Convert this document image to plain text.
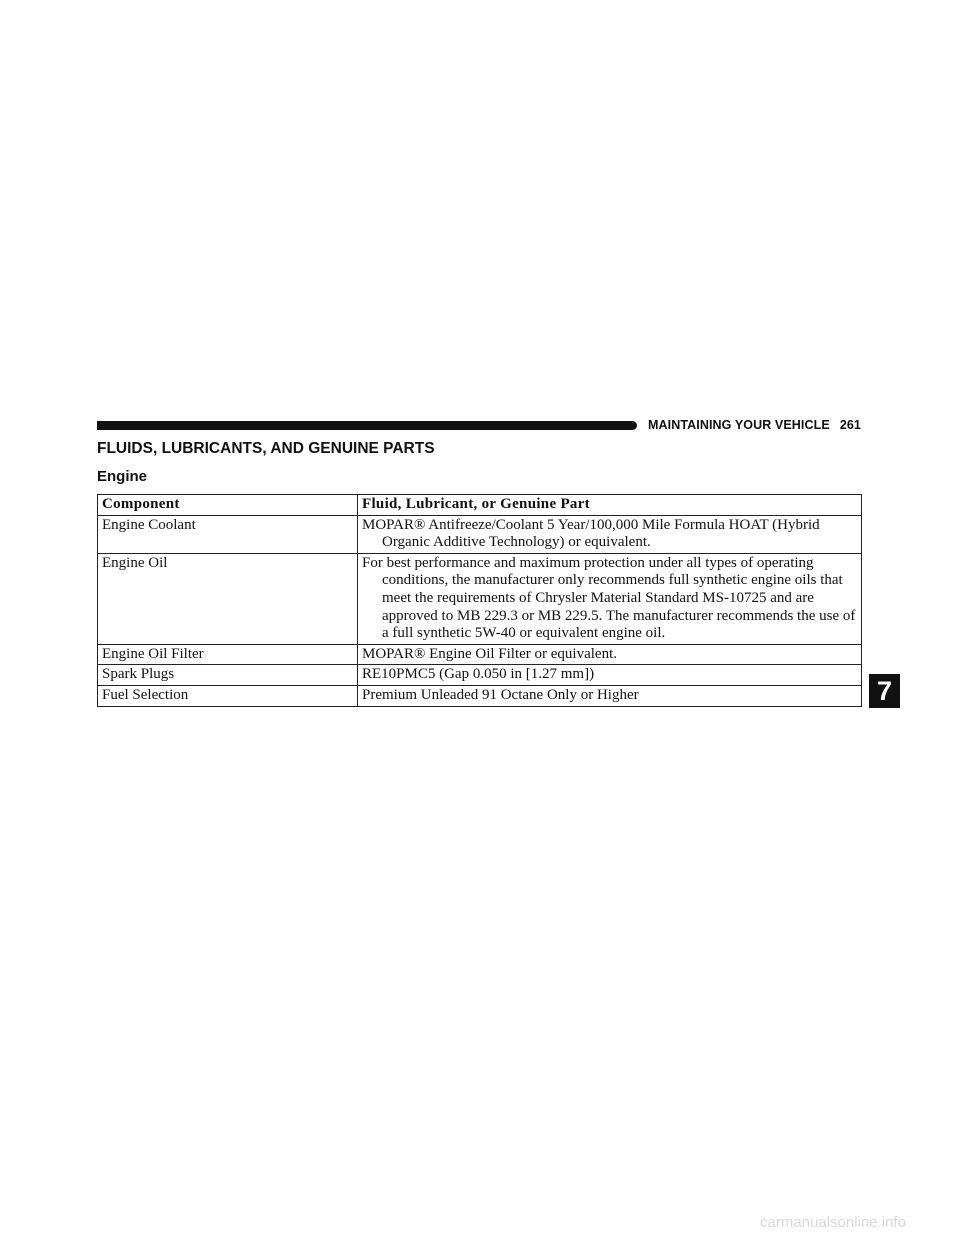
MAINTAINING YOUR VEHICLE 261
FLUIDS, LUBRICANTS, AND GENUINE PARTS
Engine
Component	Fluid, Lubricant, or Genuine Part
Engine Coolant	MOPAR® Antifreeze/Coolant 5 Year/100,000 Mile Formula HOAT (Hybrid Organic Additive Technology) or equivalent.

Engine Oil	For best performance and maximum protection under all types of operating conditions, the manufacturer only recommends full synthetic engine oils that meet the requirements of Chrysler Material Standard MS-10725 and are approved to MB 229.3 or MB 229.5. The manufacturer recommends the use of a full synthetic 5W-40 or equivalent engine oil.

Engine Oil Filter	MOPAR® Engine Oil Filter or equivalent.

Spark Plugs	RE10PMC5 (Gap 0.050 in [1.27 mm])

Fuel Selection	Premium Unleaded 91 Octane Only or Higher	7
carmanualsonline.info
